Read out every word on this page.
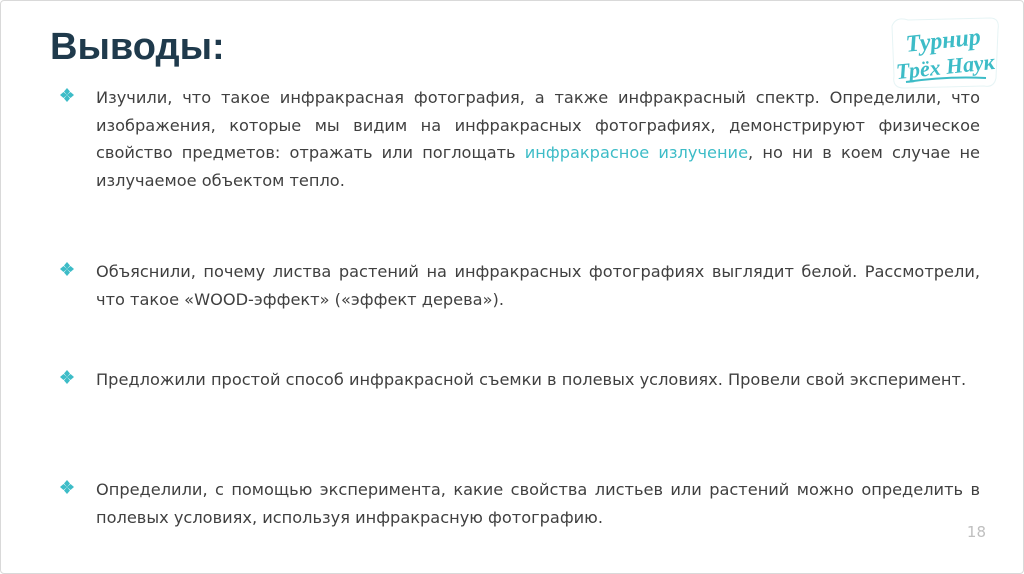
Выводы:	Турнир
Трёх Наук
Изучили, что такое инфракрасная фотография, а также инфракрасный спектр. Определили, что изображения, которые мы видим на инфракрасных фотографиях, демонстрируют физическое свойство предметов: отражать или поглощать инфракрасное излучение, но ни в коем случае не излучаемое объектом тепло.
Объяснили, почему листва растений на инфракрасных фотографиях выглядит белой. Рассмотрели, что такое «WOOD-эффект» («эффект дерева»).
Предложили простой способ инфракрасной съемки в полевых условиях. Провели свой эксперимент.
Определили, с помощью эксперимента, какие свойства листьев или растений можно определить в полевых условиях, используя инфракрасную фотографию.
18
